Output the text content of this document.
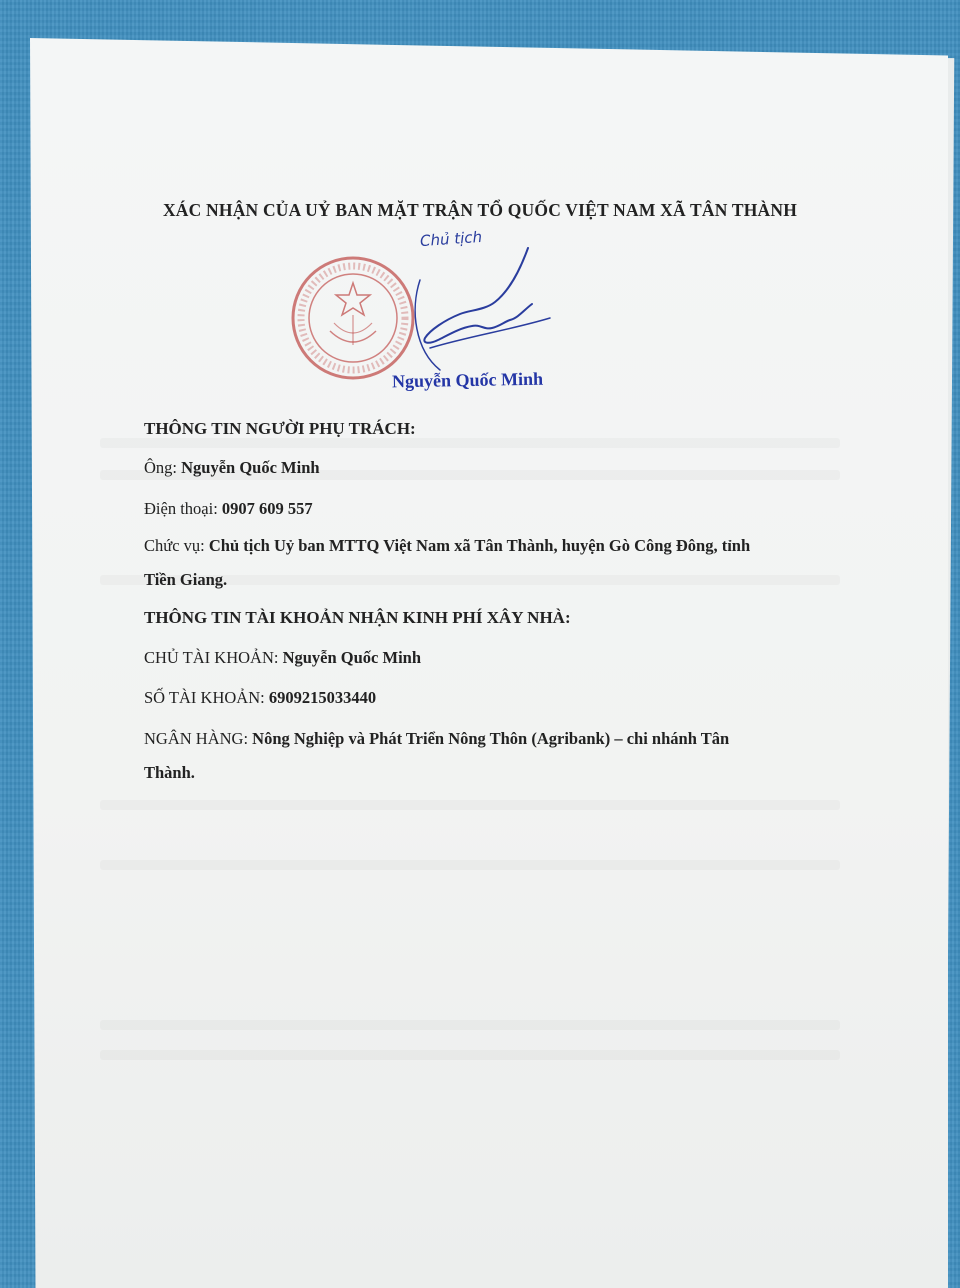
XÁC NHẬN CỦA UỶ BAN MẶT TRẬN TỔ QUỐC VIỆT NAM XÃ TÂN THÀNH
Chủ tịch
Nguyễn Quốc Minh
THÔNG TIN NGƯỜI PHỤ TRÁCH:
Ông: Nguyễn Quốc Minh
Điện thoại: 0907 609 557
Chức vụ: Chủ tịch Uỷ ban MTTQ Việt Nam xã Tân Thành, huyện Gò Công Đông, tỉnh
Tiền Giang.
THÔNG TIN TÀI KHOẢN NHẬN KINH PHÍ XÂY NHÀ:
CHỦ TÀI KHOẢN: Nguyễn Quốc Minh
SỐ TÀI KHOẢN: 6909215033440
NGÂN HÀNG: Nông Nghiệp và Phát Triển Nông Thôn (Agribank) – chi nhánh Tân
Thành.
